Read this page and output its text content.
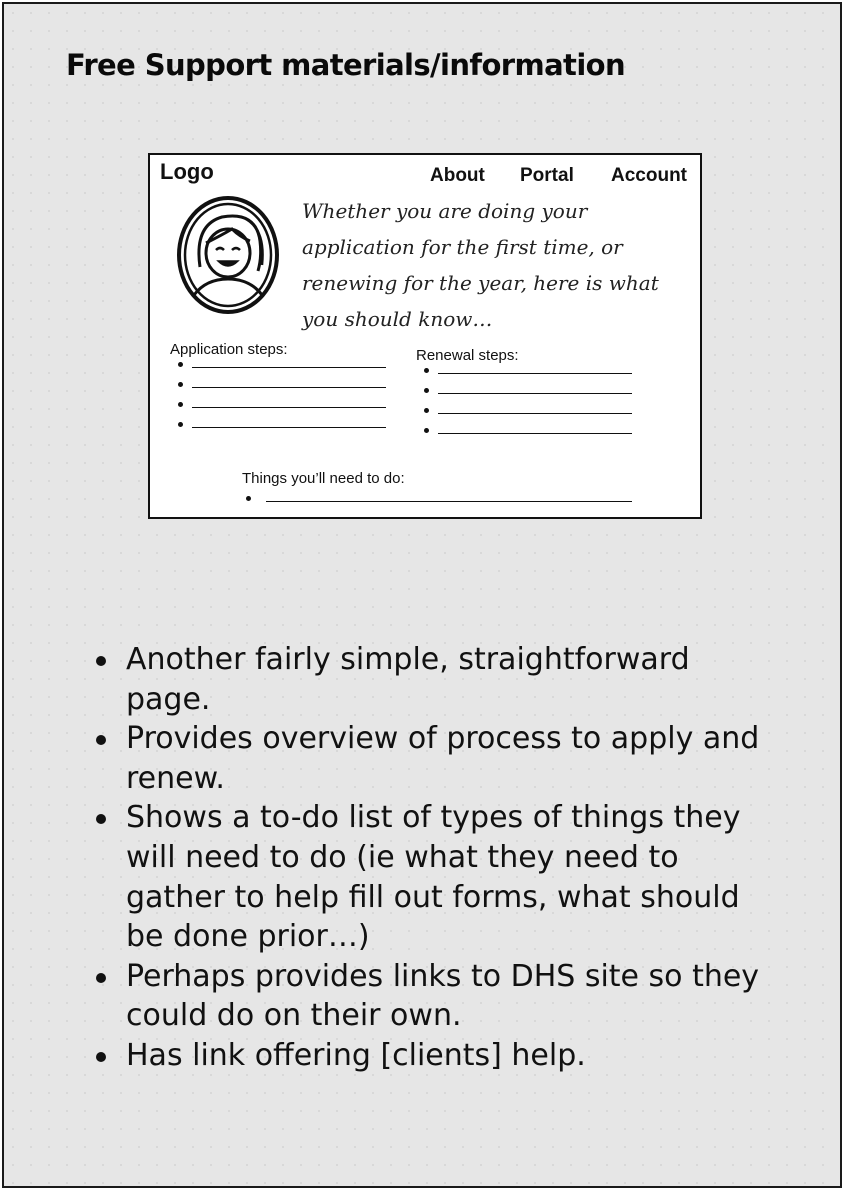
Free Support materials/information
Logo	About Portal Account

Whether you are doing your application for the first time, or renewing for the year, here is what you should know…

Application steps:	Renewal steps:
Things you’ll need to do:
Another fairly simple, straightforward page.
Provides overview of process to apply and renew.
Shows a to-do list of types of things they will need to do (ie what they need to gather to help fill out forms, what should be done prior…)
Perhaps provides links to DHS site so they could do on their own.
Has link offering [clients] help.
